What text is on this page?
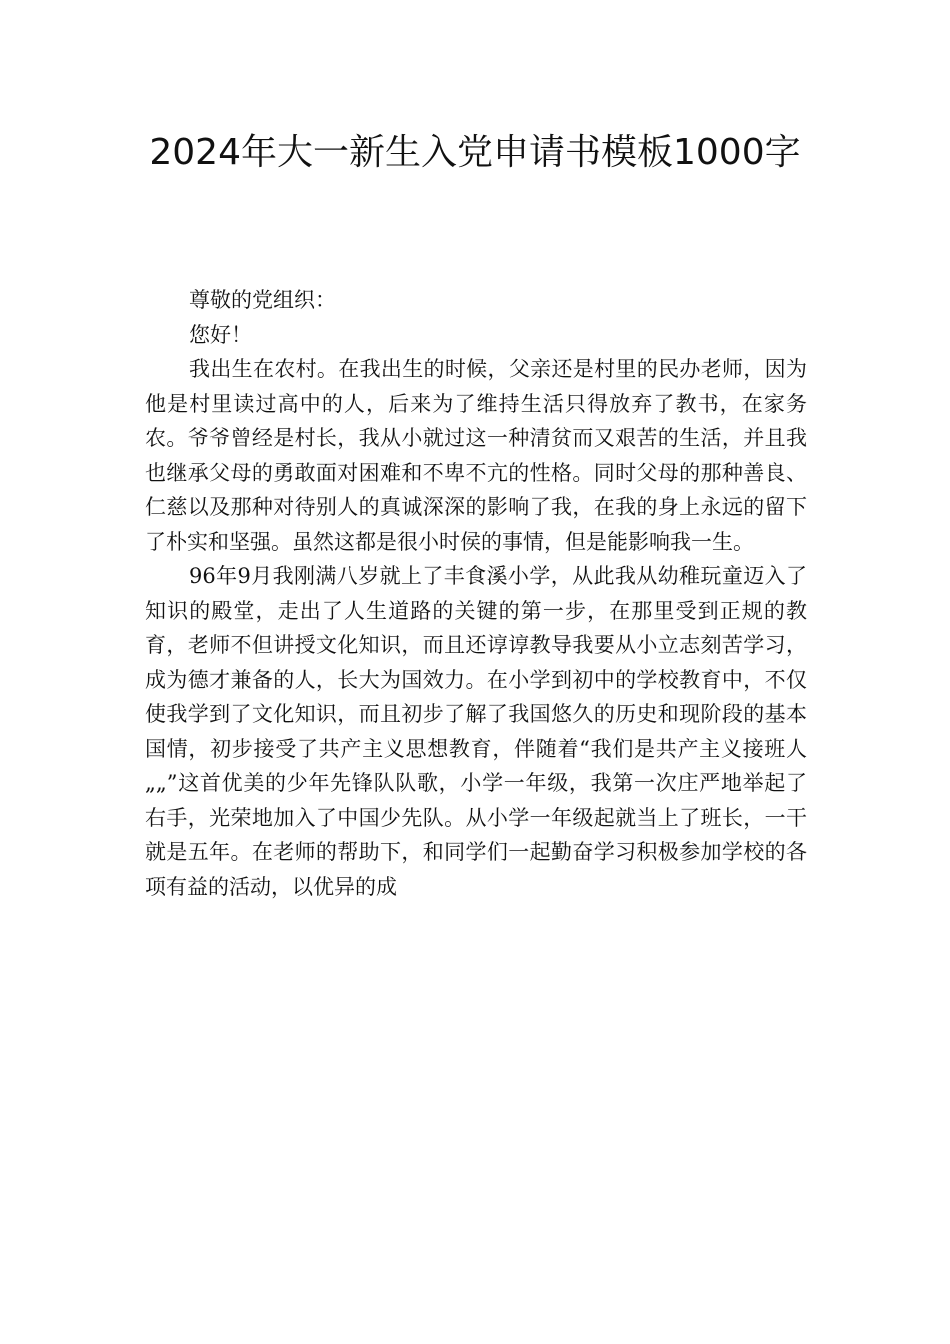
2024年大一新生入党申请书模板1000字

尊敬的党组织：

您好！

我出生在农村。在我出生的时候，父亲还是村里的民办老师，因为他是村里读过高中的人，后来为了维持生活只得放弃了教书，在家务农。爷爷曾经是村长，我从小就过这一种清贫而又艰苦的生活，并且我也继承父母的勇敢面对困难和不卑不亢的性格。同时父母的那种善良、仁慈以及那种对待别人的真诚深深的影响了我，在我的身上永远的留下了朴实和坚强。虽然这都是很小时侯的事情，但是能影响我一生。

96年9月我刚满八岁就上了丰食溪小学，从此我从幼稚玩童迈入了知识的殿堂，走出了人生道路的关键的第一步，在那里受到正规的教育，老师不但讲授文化知识，而且还谆谆教导我要从小立志刻苦学习，成为德才兼备的人，长大为国效力。在小学到初中的学校教育中，不仅使我学到了文化知识，而且初步了解了我国悠久的历史和现阶段的基本国情，初步接受了共产主义思想教育，伴随着“我们是共产主义接班人„„”这首优美的少年先锋队队歌，小学一年级，我第一次庄严地举起了右手，光荣地加入了中国少先队。从小学一年级起就当上了班长，一干就是五年。在老师的帮助下，和同学们一起勤奋学习积极参加学校的各项有益的活动，以优异的成
